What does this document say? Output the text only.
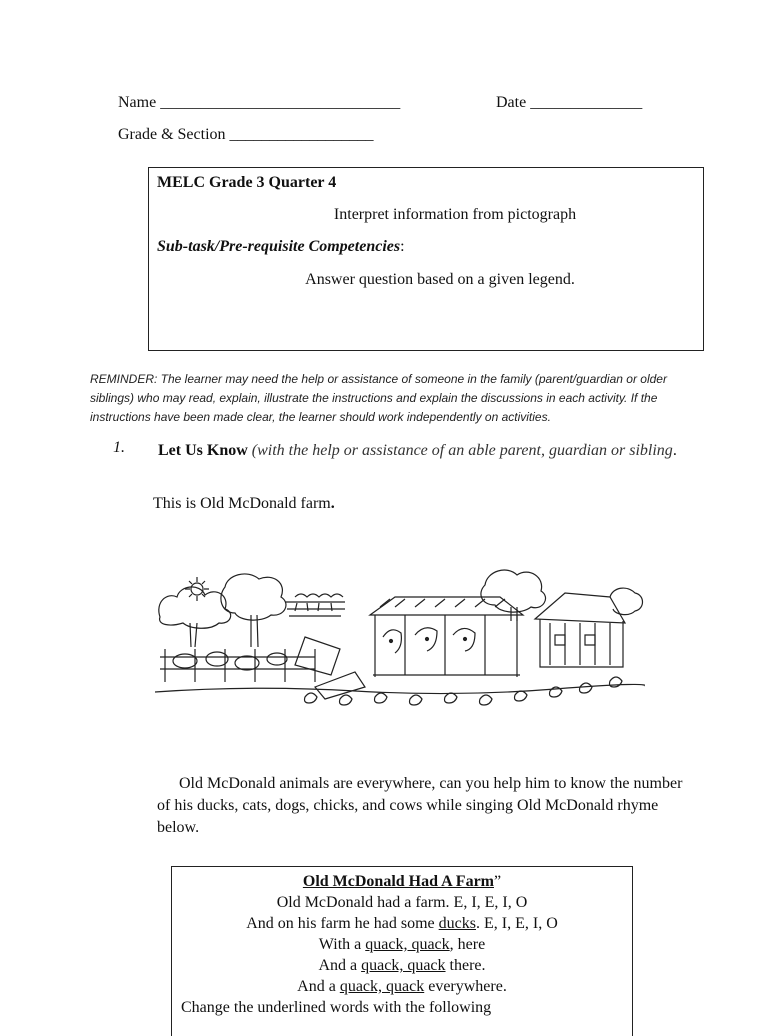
Name ______________________________	Date ______________
Grade & Section __________________
MELC Grade 3 Quarter 4
Interpret information from pictograph
Sub-task/Pre-requisite Competencies:
Answer question based on a given legend.
REMINDER: The learner may need the help or assistance of someone in the family (parent/guardian or older siblings) who may read, explain, illustrate the instructions and explain the discussions in each activity. If the instructions have been made clear, the learner should work independently on activities.
1. Let Us Know (with the help or assistance of an able parent, guardian or sibling.
This is Old McDonald farm.
Old McDonald animals are everywhere, can you help him to know the number of his ducks, cats, dogs, chicks, and cows while singing Old McDonald rhyme below.
Old McDonald Had A Farm”
Old McDonald had a farm. E, I, E, I, O
And on his farm he had some ducks. E, I, E, I, O
With a quack, quack, here
And a quack, quack there.
And a quack, quack everywhere.
Change the underlined words with the following
